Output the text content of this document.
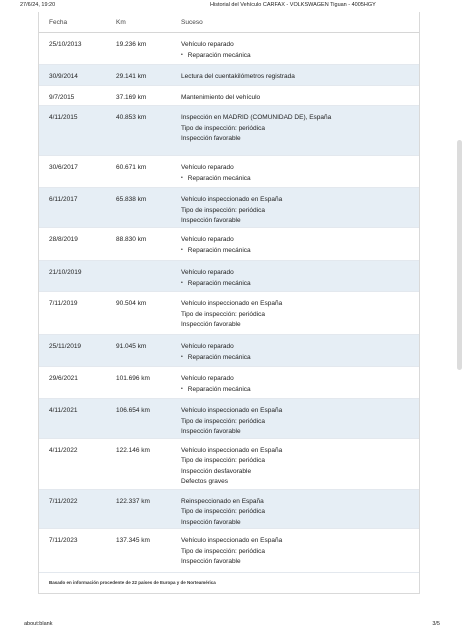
27/6/24, 19:20	Historial del Vehículo CARFAX - VOLKSWAGEN Tiguan - 4005HGY
Fecha	Km	Suceso
25/10/2013	19.236 km	Vehículo reparado
• Reparación mecánica

30/9/2014	29.141 km	Lectura del cuentakilómetros registrada

9/7/2015	37.169 km	Mantenimiento del vehículo

4/11/2015	40.853 km	Inspección en MADRID (COMUNIDAD DE), España
Tipo de inspección: periódica
Inspección favorable

30/6/2017	60.671 km	Vehículo reparado
• Reparación mecánica

6/11/2017	65.838 km	Vehículo inspeccionado en España
Tipo de inspección: periódica
Inspección favorable

28/8/2019	88.830 km	Vehículo reparado
• Reparación mecánica

21/10/2019		Vehículo reparado
• Reparación mecánica

7/11/2019	90.504 km	Vehículo inspeccionado en España
Tipo de inspección: periódica
Inspección favorable

25/11/2019	91.045 km	Vehículo reparado
• Reparación mecánica

29/6/2021	101.696 km	Vehículo reparado
• Reparación mecánica

4/11/2021	106.654 km	Vehículo inspeccionado en España
Tipo de inspección: periódica
Inspección favorable

4/11/2022	122.146 km	Vehículo inspeccionado en España
Tipo de inspección: periódica
Inspección desfavorable
Defectos graves

7/11/2022	122.337 km	Reinspeccionado en España
Tipo de inspección: periódica
Inspección favorable

7/11/2023	137.345 km	Vehículo inspeccionado en España
Tipo de inspección: periódica
Inspección favorable
Basado en información procedente de 22 países de Europa y de Norteamérica
about:blank	3/5
